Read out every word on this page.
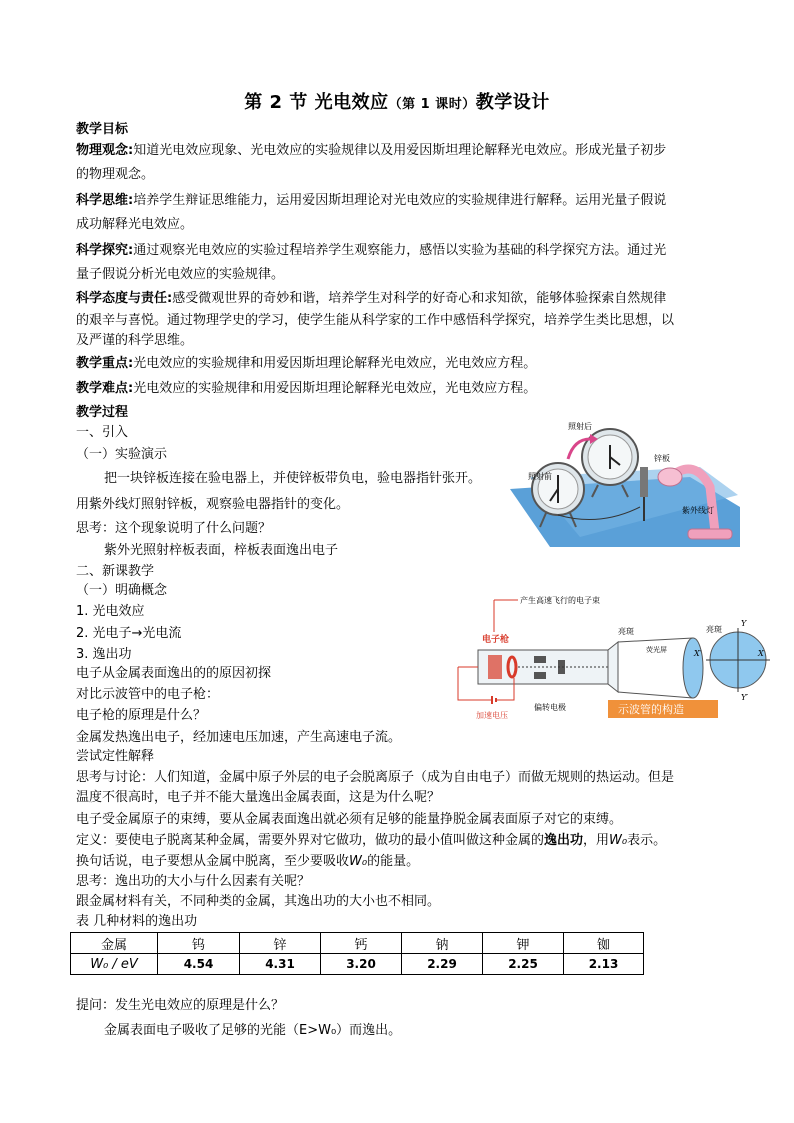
第 2 节 光电效应（第 1 课时）教学设计
教学目标
物理观念:知道光电效应现象、光电效应的实验规律以及用爱因斯坦理论解释光电效应。形成光量子初步
的物理观念。
科学思维:培养学生辩证思维能力，运用爱因斯坦理论对光电效应的实验规律进行解释。运用光量子假说
成功解释光电效应。
科学探究:通过观察光电效应的实验过程培养学生观察能力，感悟以实验为基础的科学探究方法。通过光
量子假说分析光电效应的实验规律。
科学态度与责任:感受微观世界的奇妙和谐，培养学生对科学的好奇心和求知欲，能够体验探索自然规律
的艰辛与喜悦。通过物理学史的学习，使学生能从科学家的工作中感悟科学探究，培养学生类比思想，以
及严谨的科学思维。
教学重点:光电效应的实验规律和用爱因斯坦理论解释光电效应，光电效应方程。
教学难点:光电效应的实验规律和用爱因斯坦理论解释光电效应，光电效应方程。
教学过程
一、引入
（一）实验演示
把一块锌板连接在验电器上，并使锌板带负电，验电器指针张开。
用紫外线灯照射锌板，观察验电器指针的变化。
思考：这个现象说明了什么问题？
紫外光照射梓板表面，梓板表面逸出电子
二、新课教学
（一）明确概念
1. 光电效应
2. 光电子→光电流
3. 逸出功
电子从金属表面逸出的的原因初探
对比示波管中的电子枪：
电子枪的原理是什么？
金属发热逸出电子，经加速电压加速，产生高速电子流。
尝试定性解释
思考与讨论：人们知道，金属中原子外层的电子会脱离原子（成为自由电子）而做无规则的热运动。但是
温度不很高时，电子并不能大量逸出金属表面，这是为什么呢？
电子受金属原子的束缚，要从金属表面逸出就必须有足够的能量挣脱金属表面原子对它的束缚。
定义：要使电子脱离某种金属，需要外界对它做功，做功的最小值叫做这种金属的逸出功，用W₀表示。
换句话说，电子要想从金属中脱离，至少要吸收W₀的能量。
思考：逸出功的大小与什么因素有关呢？
跟金属材料有关，不同种类的金属，其逸出功的大小也不相同。
表 几种材料的逸出功
金属	钨	锌	钙	钠	钾	铷
W₀ / eV	4.54	4.31	3.20	2.29	2.25	2.13
提问：发生光电效应的原理是什么？
金属表面电子吸收了足够的光能（E>W₀）而逸出。
照射后
照射前
锌板
紫外线灯
产生高速飞行的电子束
电子枪
亮斑
荧光屏
加速电压
偏转电极	示波管的构造
Y
Y′
X
X′
亮斑
